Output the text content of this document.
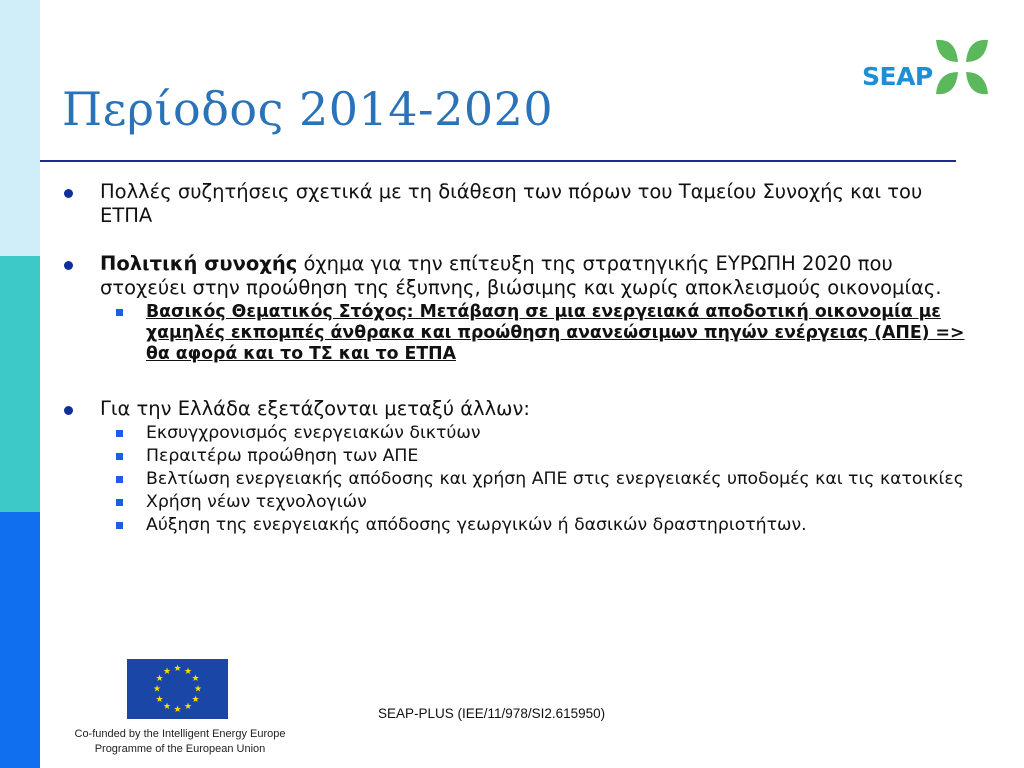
Περίοδος 2014-2020
SEAP
Πολλές συζητήσεις σχετικά με τη διάθεση των πόρων του Ταμείου Συνοχής και του ΕΤΠΑ
Πολιτική συνοχής όχημα για την επίτευξη της στρατηγικής ΕΥΡΩΠΗ 2020 που στοχεύει στην προώθηση της έξυπνης, βιώσιμης και χωρίς αποκλεισμούς οικονομίας.
Βασικός Θεματικός Στόχος: Μετάβαση σε μια ενεργειακά αποδοτική οικονομία με χαμηλές εκπομπές άνθρακα και προώθηση ανανεώσιμων πηγών ενέργειας (ΑΠΕ) => θα αφορά και το ΤΣ και το ΕΤΠΑ
Για την Ελλάδα εξετάζονται μεταξύ άλλων:
Εκσυγχρονισμός ενεργειακών δικτύων
Περαιτέρω προώθηση των ΑΠΕ
Βελτίωση ενεργειακής απόδοσης και χρήση ΑΠΕ στις ενεργειακές υποδομές και τις κατοικίες
Χρήση νέων τεχνολογιών
Αύξηση της ενεργειακής απόδοσης γεωργικών ή δασικών δραστηριοτήτων.
★ ★
★
★
★
★
★
★
★
★
★
★
Co-funded by the Intelligent Energy Europe
Programme of the European Union
SEAP-PLUS (IEE/11/978/SI2.615950)
